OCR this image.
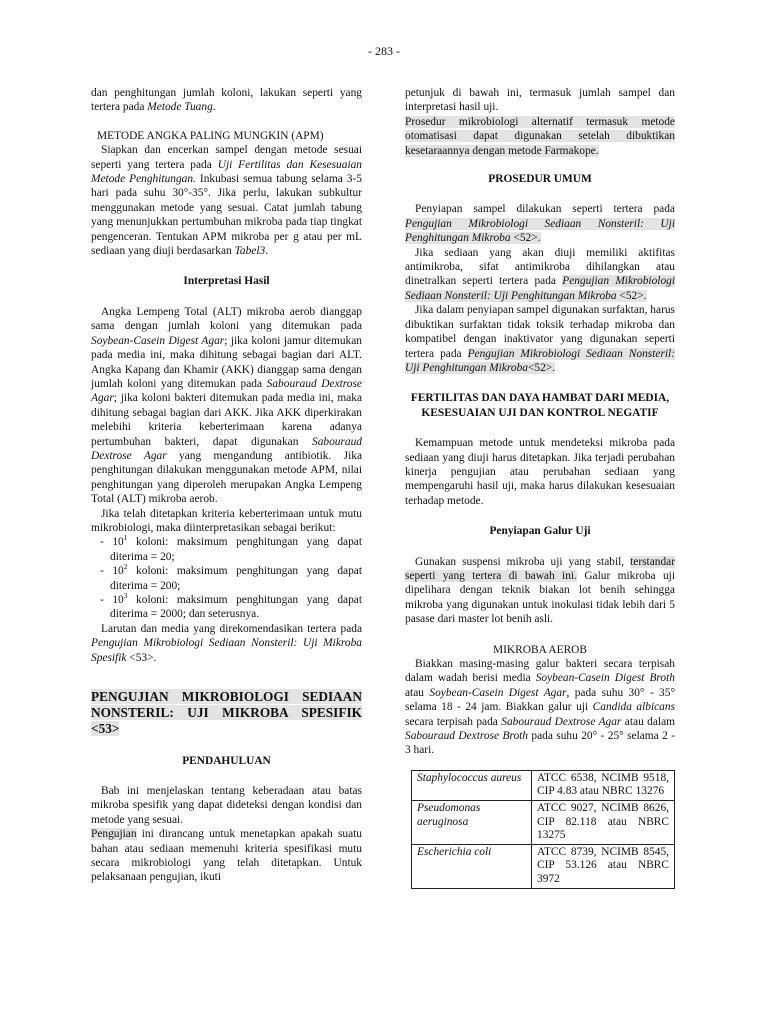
- 283 -

dan penghitungan jumlah koloni, lakukan seperti yang tertera pada Metode Tuang.

METODE ANGKA PALING MUNGKIN (APM)

Siapkan dan encerkan sampel dengan metode sesuai seperti yang tertera pada Uji Fertilitas dan Kesesuaian Metode Penghitungan. Inkubasi semua tabung selama 3-5 hari pada suhu 30°-35°. Jika perlu, lakukan subkultur menggunakan metode yang sesuai. Catat jumlah tabung yang menunjukkan pertumbuhan mikroba pada tiap tingkat pengenceran. Tentukan APM mikroba per g atau per mL sediaan yang diuji berdasarkan Tabel3.

Interpretasi Hasil

Angka Lempeng Total (ALT) mikroba aerob dianggap sama dengan jumlah koloni yang ditemukan pada Soybean-Casein Digest Agar; jika koloni jamur ditemukan pada media ini, maka dihitung sebagai bagian dari ALT. Angka Kapang dan Khamir (AKK) dianggap sama dengan jumlah koloni yang ditemukan pada Sabouraud Dextrose Agar; jika koloni bakteri ditemukan pada media ini, maka dihitung sebagai bagian dari AKK. Jika AKK diperkirakan melebihi kriteria keberterimaan karena adanya pertumbuhan bakteri, dapat digunakan Sabouraud Dextrose Agar yang mengandung antibiotik. Jika penghitungan dilakukan menggunakan metode APM, nilai penghitungan yang diperoleh merupakan Angka Lempeng Total (ALT) mikroba aerob.

Jika telah ditetapkan kriteria keberterimaan untuk mutu mikrobiologi, maka diinterpretasikan sebagai berikut:

- $10^1$ koloni: maksimum penghitungan yang dapat diterima = 20;

- $10^2$ koloni: maksimum penghitungan yang dapat diterima = 200;

- $10^3$ koloni: maksimum penghitungan yang dapat diterima = 2000; dan seterusnya.

Larutan dan media yang direkomendasikan tertera pada Pengujian Mikrobiologi Sediaan Nonsteril: Uji Mikroba Spesifik <53>.

PENGUJIAN MIKROBIOLOGI SEDIAAN NONSTERIL: UJI MIKROBA SPESIFIK <53>

PENDAHULUAN

Bab ini menjelaskan tentang keberadaan atau batas mikroba spesifik yang dapat dideteksi dengan kondisi dan metode yang sesuai.

Pengujian ini dirancang untuk menetapkan apakah suatu bahan atau sediaan memenuhi kriteria spesifikasi mutu secara mikrobiologi yang telah ditetapkan. Untuk pelaksanaan pengujian, ikuti

petunjuk di bawah ini, termasuk jumlah sampel dan interpretasi hasil uji.

Prosedur mikrobiologi alternatif termasuk metode otomatisasi dapat digunakan setelah dibuktikan kesetaraannya dengan metode Farmakope.

PROSEDUR UMUM

Penyiapan sampel dilakukan seperti tertera pada Pengujian Mikrobiologi Sediaan Nonsteril: Uji Penghitungan Mikroba <52>.

Jika sediaan yang akan diuji memiliki aktifitas antimikroba, sifat antimikroba dihilangkan atau dinetralkan seperti tertera pada Pengujian Mikrobiologi Sediaan Nonsteril: Uji Penghitungan Mikroba <52>.

Jika dalam penyiapan sampel digunakan surfaktan, harus dibuktikan surfaktan tidak toksik terhadap mikroba dan kompatibel dengan inaktivator yang digunakan seperti tertera pada Pengujian Mikrobiologi Sediaan Nonsteril: Uji Penghitungan Mikroba<52>.

FERTILITAS DAN DAYA HAMBAT DARI MEDIA, KESESUAIAN UJI DAN KONTROL NEGATIF

Kemampuan metode untuk mendeteksi mikroba pada sediaan yang diuji harus ditetapkan. Jika terjadi perubahan kinerja pengujian atau perubahan sediaan yang mempengaruhi hasil uji, maka harus dilakukan kesesuaian terhadap metode.

Penyiapan Galur Uji

Gunakan suspensi mikroba uji yang stabil, terstandar seperti yang tertera di bawah ini. Galur mikroba uji dipelihara dengan teknik biakan lot benih sehingga mikroba yang digunakan untuk inokulasi tidak lebih dari 5 pasase dari master lot benih asli.

MIKROBA AEROB

Biakkan masing-masing galur bakteri secara terpisah dalam wadah berisi media Soybean-Casein Digest Broth atau Soybean-Casein Digest Agar, pada suhu 30° - 35° selama 18 - 24 jam. Biakkan galur uji Candida albicans secara terpisah pada Sabouraud Dextrose Agar atau dalam Sabouraud Dextrose Broth pada suhu 20° - 25° selama 2 - 3 hari.

Staphylococcus aureus	ATCC 6538, NCIMB 9518, CIP 4.83 atau NBRC 13276
Pseudomonas aeruginosa	ATCC 9027, NCIMB 8626, CIP 82.118 atau NBRC 13275
Escherichia coli	ATCC 8739, NCIMB 8545, CIP 53.126 atau NBRC 3972
